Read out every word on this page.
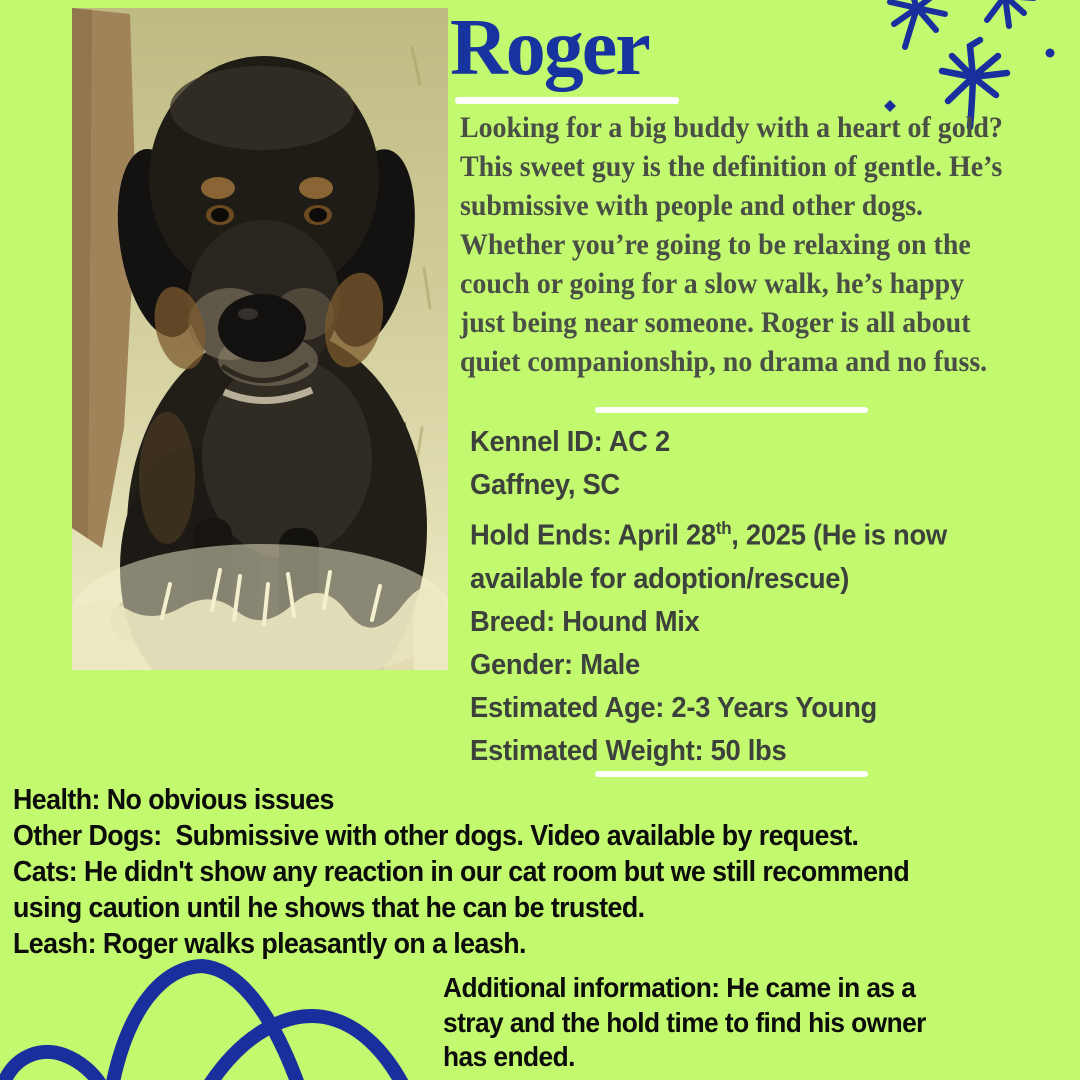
Roger
Looking for a big buddy with a heart of gold?
This sweet guy is the definition of gentle. He’s
submissive with people and other dogs.
Whether you’re going to be relaxing on the
couch or going for a slow walk, he’s happy
just being near someone. Roger is all about
quiet companionship, no drama and no fuss.
Kennel ID: AC 2
Gaffney, SC
Hold Ends: April 28th, 2025 (He is now
available for adoption/rescue)
Breed: Hound Mix
Gender: Male
Estimated Age: 2-3 Years Young
Estimated Weight: 50 lbs
Health: No obvious issues
Other Dogs:  Submissive with other dogs. Video available by request.
Cats: He didn't show any reaction in our cat room but we still recommend
using caution until he shows that he can be trusted.
Leash: Roger walks pleasantly on a leash.
Additional information: He came in as a
stray and the hold time to find his owner
has ended.
